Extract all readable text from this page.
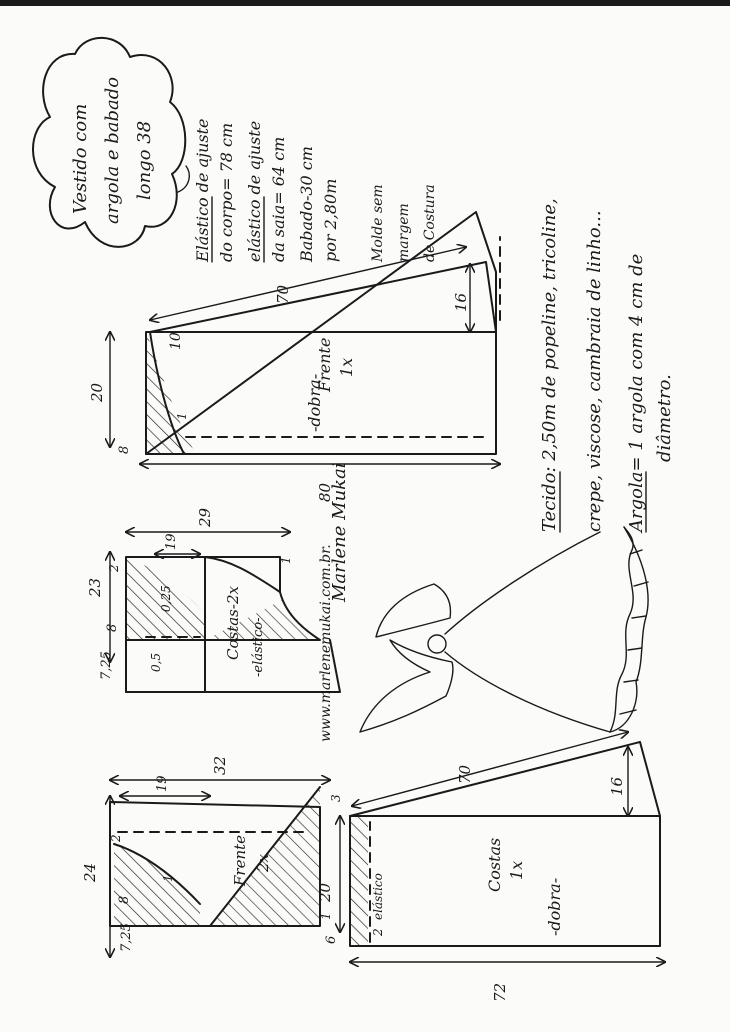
Vestido com argola e babado longo 38 Elástico de ajuste do corpo= 78 cm elástico de ajuste da saia= 64 cm Babado-30 cm por 2,80m Molde sem margem de Costura
80
20
70	16
10
8
1
Frente 1x
-dobra-
23
29
19
7,25
8
0,25
0,5
2
1
Costas-2x -elástico-
24
32
19
7,25
8
6
3
2
1
1	Frente 2x
72
20
70
16
2
elástico
Costas 1x
-dobra-
www.marlenemukai.com.br.
Marlene Mukai
Tecido: 2,50m de popeline, tricoline, crepe, viscose, cambraia de linho... Argola= 1 argola com 4 cm de diâmetro.
